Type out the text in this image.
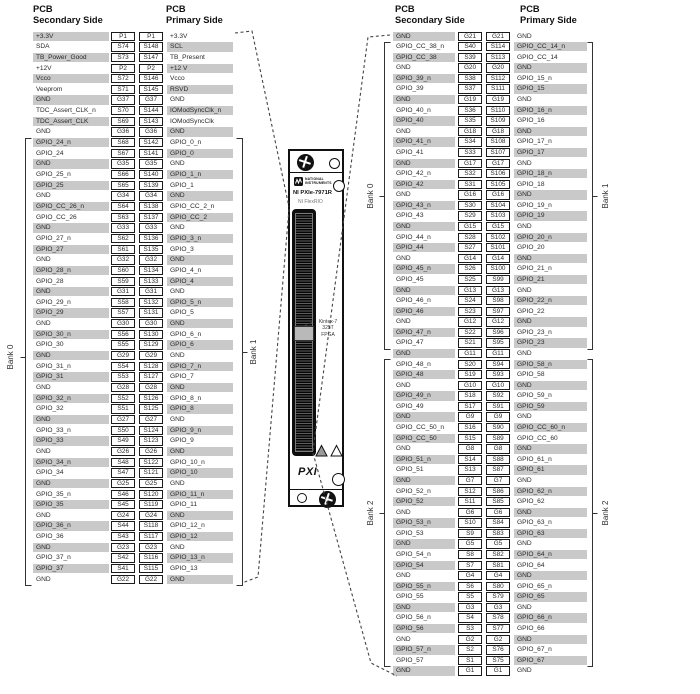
PCB
Secondary Side
PCB
Primary Side
PCB
Secondary Side
PCB
Primary Side
+3.3V	P1	P1	+3.3V
SDA	S74	S148	SCL
TB_Power_Good	S73	S147	TB_Present
+12V	P2	P2	+12 V
Vcco	S72	S146	Vcco
Veeprom	S71	S145	RSVD
GND	G37	G37	GND
TDC_Assert_CLK_n	S70	S144	IOModSyncClk_n
TDC_Assert_CLK	S69	S143	IOModSyncClk
GND	G36	G36	GND
GPIO_24_n	S68	S142	GPIO_0_n
GPIO_24	S67	S141	GPIO_0
GND	G35	G35	GND
GPIO_25_n	S66	S140	GPIO_1_n
GPIO_25	S65	S139	GPIO_1
GND	G34	G34	GND
GPIO_CC_26_n	S64	S138	GPIO_CC_2_n
GPIO_CC_26	S63	S137	GPIO_CC_2
GND	G33	G33	GND
GPIO_27_n	S62	S136	GPIO_3_n
GPIO_27	S61	S135	GPIO_3
GND	G32	G32	GND
GPIO_28_n	S60	S134	GPIO_4_n
GPIO_28	S59	S133	GPIO_4
GND	G31	G31	GND
GPIO_29_n	S58	S132	GPIO_5_n
GPIO_29	S57	S131	GPIO_5
GND	G30	G30	GND
GPIO_30_n	S56	S130	GPIO_6_n
GPIO_30	S55	S129	GPIO_6
GND	G29	G29	GND
GPIO_31_n	S54	S128	GPIO_7_n
GPIO_31	S53	S127	GPIO_7
GND	G28	G28	GND
GPIO_32_n	S52	S126	GPIO_8_n
GPIO_32	S51	S125	GPIO_8
GND	G27	G27	GND
GPIO_33_n	S50	S124	GPIO_9_n
GPIO_33	S49	S123	GPIO_9
GND	G26	G26	GND
GPIO_34_n	S48	S122	GPIO_10_n
GPIO_34	S47	S121	GPIO_10
GND	G25	G25	GND
GPIO_35_n	S46	S120	GPIO_11_n
GPIO_35	S45	S119	GPIO_11
GND	G24	G24	GND
GPIO_36_n	S44	S118	GPIO_12_n
GPIO_36	S43	S117	GPIO_12
GND	G23	G23	GND
GPIO_37_n	S42	S116	GPIO_13_n
GPIO_37	S41	S115	GPIO_13
GND	G22	G22	GND
GND	G21	G21	GND
GPIO_CC_38_n	S40	S114	GPIO_CC_14_n
GPIO_CC_38	S39	S113	GPIO_CC_14
GND	G20	G20	GND
GPIO_39_n	S38	S112	GPIO_15_n
GPIO_39	S37	S111	GPIO_15
GND	G19	G19	GND
GPIO_40_n	S36	S110	GPIO_16_n
GPIO_40	S35	S109	GPIO_16
GND	G18	G18	GND
GPIO_41_n	S34	S108	GPIO_17_n
GPIO_41	S33	S107	GPIO_17
GND	G17	G17	GND
GPIO_42_n	S32	S106	GPIO_18_n
GPIO_42	S31	S105	GPIO_18
GND	G16	G16	GND
GPIO_43_n	S30	S104	GPIO_19_n
GPIO_43	S29	S103	GPIO_19
GND	G15	G15	GND
GPIO_44_n	S28	S102	GPIO_20_n
GPIO_44	S27	S101	GPIO_20
GND	G14	G14	GND
GPIO_45_n	S26	S100	GPIO_21_n
GPIO_45	S25	S99	GPIO_21
GND	G13	G13	GND
GPIO_46_n	S24	S98	GPIO_22_n
GPIO_46	S23	S97	GPIO_22
GND	G12	G12	GND
GPIO_47_n	S22	S96	GPIO_23_n
GPIO_47	S21	S95	GPIO_23
GND	G11	G11	GND
GPIO_48_n	S20	S94	GPIO_58_n
GPIO_48	S19	S93	GPIO_58
GND	G10	G10	GND
GPIO_49_n	S18	S92	GPIO_59_n
GPIO_49	S17	S91	GPIO_59
GND	G9	G9	GND
GPIO_CC_50_n	S16	S90	GPIO_CC_60_n
GPIO_CC_50	S15	S89	GPIO_CC_60
GND	G8	G8	GND
GPIO_51_n	S14	S88	GPIO_61_n
GPIO_51	S13	S87	GPIO_61
GND	G7	G7	GND
GPIO_52_n	S12	S86	GPIO_62_n
GPIO_52	S11	S85	GPIO_62
GND	G6	G6	GND
GPIO_53_n	S10	S84	GPIO_63_n
GPIO_53	S9	S83	GPIO_63
GND	G5	G5	GND
GPIO_54_n	S8	S82	GPIO_64_n
GPIO_54	S7	S81	GPIO_64
GND	G4	G4	GND
GPIO_55_n	S6	S80	GPIO_65_n
GPIO_55	S5	S79	GPIO_65
GND	G3	G3	GND
GPIO_56_n	S4	S78	GPIO_66_n
GPIO_56	S3	S77	GPIO_66
GND	G2	G2	GND
GPIO_57_n	S2	S76	GPIO_67_n
GPIO_57	S1	S75	GPIO_67
GND	G1	G1	GND
Bank 0	Bank 1
Bank 0	Bank 1
Bank 2	Bank 2
NATIONAL
INSTRUMENTS
NI PXIe-7971R
NI FlexRIO
Kintex-7
325T
FPGA
PXI
